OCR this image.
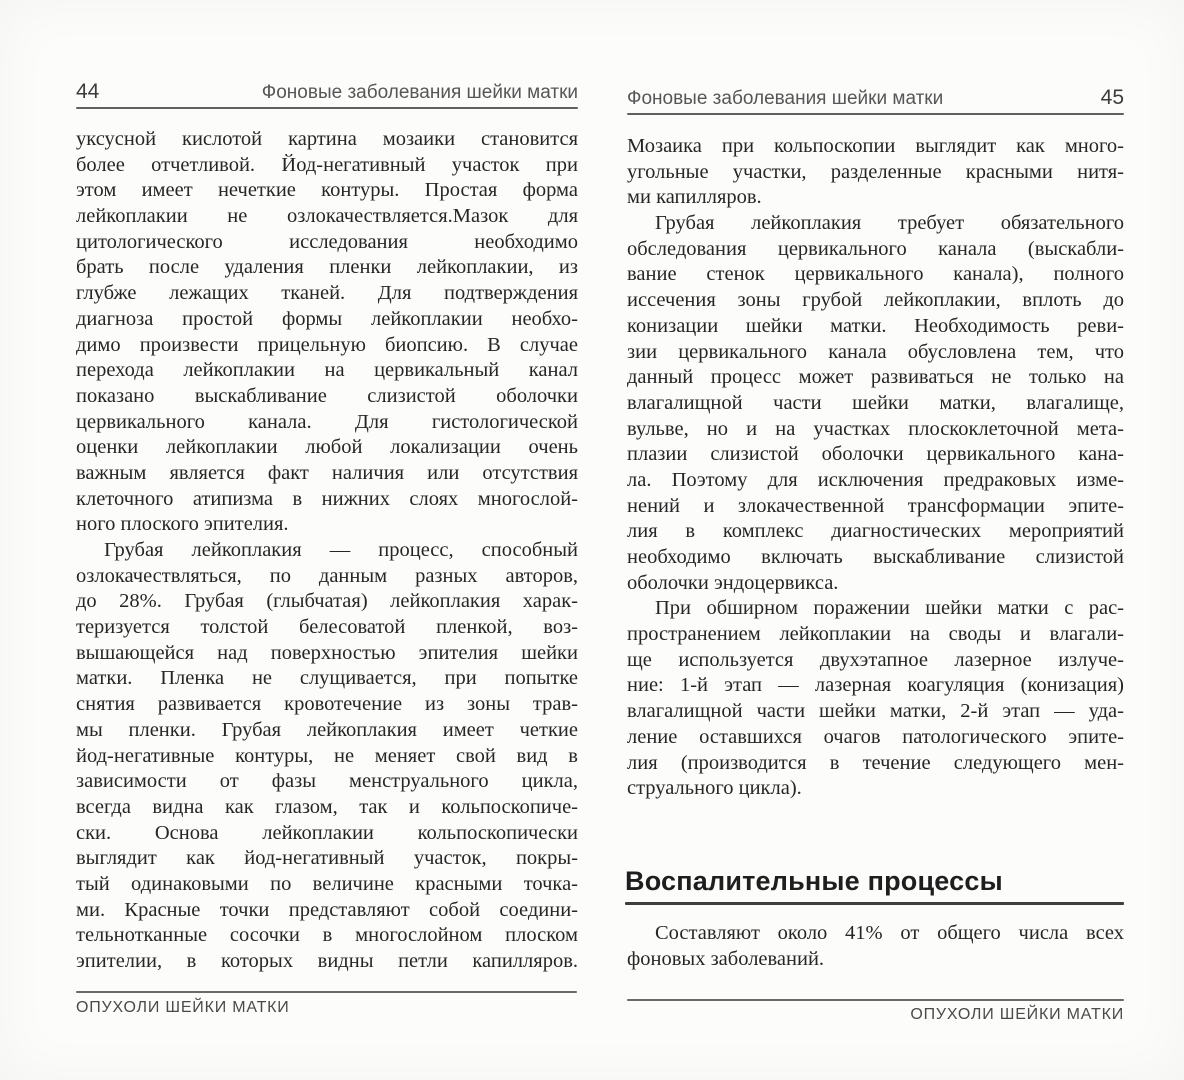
44	Фоновые заболевания шейки матки
уксусной кислотой картина мозаики становится
более отчетливой. Йод-негативный участок при
этом имеет нечеткие контуры. Простая форма
лейкоплакии не озлокачествляется.Мазок для
цитологического исследования необходимо
брать после удаления пленки лейкоплакии, из
глубже лежащих тканей. Для подтверждения
диагноза простой формы лейкоплакии необхо-
димо произвести прицельную биопсию. В случае
перехода лейкоплакии на цервикальный канал
показано выскабливание слизистой оболочки
цервикального канала. Для гистологической
оценки лейкоплакии любой локализации очень
важным является факт наличия или отсутствия
клеточного атипизма в нижних слоях многослой-
ного плоского эпителия.
Грубая лейкоплакия — процесс, способный
озлокачествляться, по данным разных авторов,
до 28%. Грубая (глыбчатая) лейкоплакия харак-
теризуется толстой белесоватой пленкой, воз-
вышающейся над поверхностью эпителия шейки
матки. Пленка не слущивается, при попытке
снятия развивается кровотечение из зоны трав-
мы пленки. Грубая лейкоплакия имеет четкие
йод-негативные контуры, не меняет свой вид в
зависимости от фазы менструального цикла,
всегда видна как глазом, так и кольпоскопиче-
ски. Основа лейкоплакии кольпоскопически
выглядит как йод-негативный участок, покры-
тый одинаковыми по величине красными точка-
ми. Красные точки представляют собой соедини-
тельнотканные сосочки в многослойном плоском
эпителии, в которых видны петли капилляров.
ОПУХОЛИ ШЕЙКИ МАТКИ
Фоновые заболевания шейки матки	45
Мозаика при кольпоскопии выглядит как много-
угольные участки, разделенные красными нитя-
ми капилляров.
Грубая лейкоплакия требует обязательного
обследования цервикального канала (выскабли-
вание стенок цервикального канала), полного
иссечения зоны грубой лейкоплакии, вплоть до
конизации шейки матки. Необходимость реви-
зии цервикального канала обусловлена тем, что
данный процесс может развиваться не только на
влагалищной части шейки матки, влагалище,
вульве, но и на участках плоскоклеточной мета-
плазии слизистой оболочки цервикального кана-
ла. Поэтому для исключения предраковых изме-
нений и злокачественной трансформации эпите-
лия в комплекс диагностических мероприятий
необходимо включать выскабливание слизистой
оболочки эндоцервикса.
При обширном поражении шейки матки с рас-
пространением лейкоплакии на своды и влагали-
ще используется двухэтапное лазерное излуче-
ние: 1-й этап — лазерная коагуляция (конизация)
влагалищной части шейки матки, 2-й этап — уда-
ление оставшихся очагов патологического эпите-
лия (производится в течение следующего мен-
струального цикла).
Воспалительные процессы
Составляют около 41% от общего числа всех
фоновых заболеваний.
ОПУХОЛИ ШЕЙКИ МАТКИ
